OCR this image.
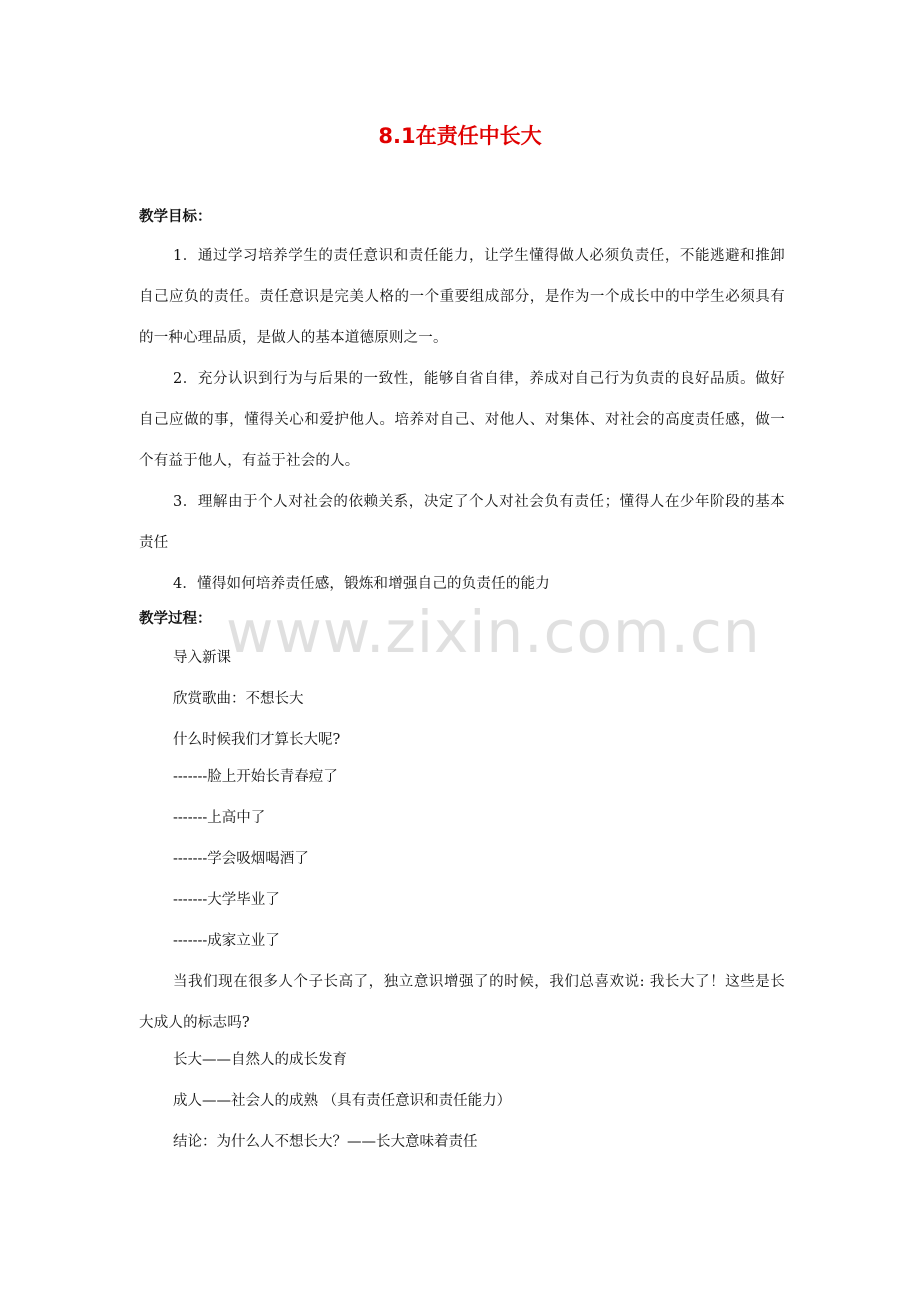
8.1在责任中长大
教学目标：
1．通过学习培养学生的责任意识和责任能力，让学生懂得做人必须负责任，不能逃避和推卸自己应负的责任。责任意识是完美人格的一个重要组成部分，是作为一个成长中的中学生必须具有的一种心理品质，是做人的基本道德原则之一。
2．充分认识到行为与后果的一致性，能够自省自律，养成对自己行为负责的良好品质。做好自己应做的事，懂得关心和爱护他人。培养对自己、对他人、对集体、对社会的高度责任感，做一个有益于他人，有益于社会的人。
3．理解由于个人对社会的依赖关系，决定了个人对社会负有责任；懂得人在少年阶段的基本责任
4．懂得如何培养责任感，锻炼和增强自己的负责任的能力
教学过程：
导入新课
欣赏歌曲：不想长大
什么时候我们才算长大呢?
-------脸上开始长青春痘了
-------上高中了
-------学会吸烟喝酒了
-------大学毕业了
-------成家立业了
当我们现在很多人个子长高了，独立意识增强了的时候，我们总喜欢说: 我长大了！这些是长大成人的标志吗?
长大——自然人的成长发育
成人——社会人的成熟 （具有责任意识和责任能力）
结论：为什么人不想长大？——长大意味着责任
www.zixin.com.cn
